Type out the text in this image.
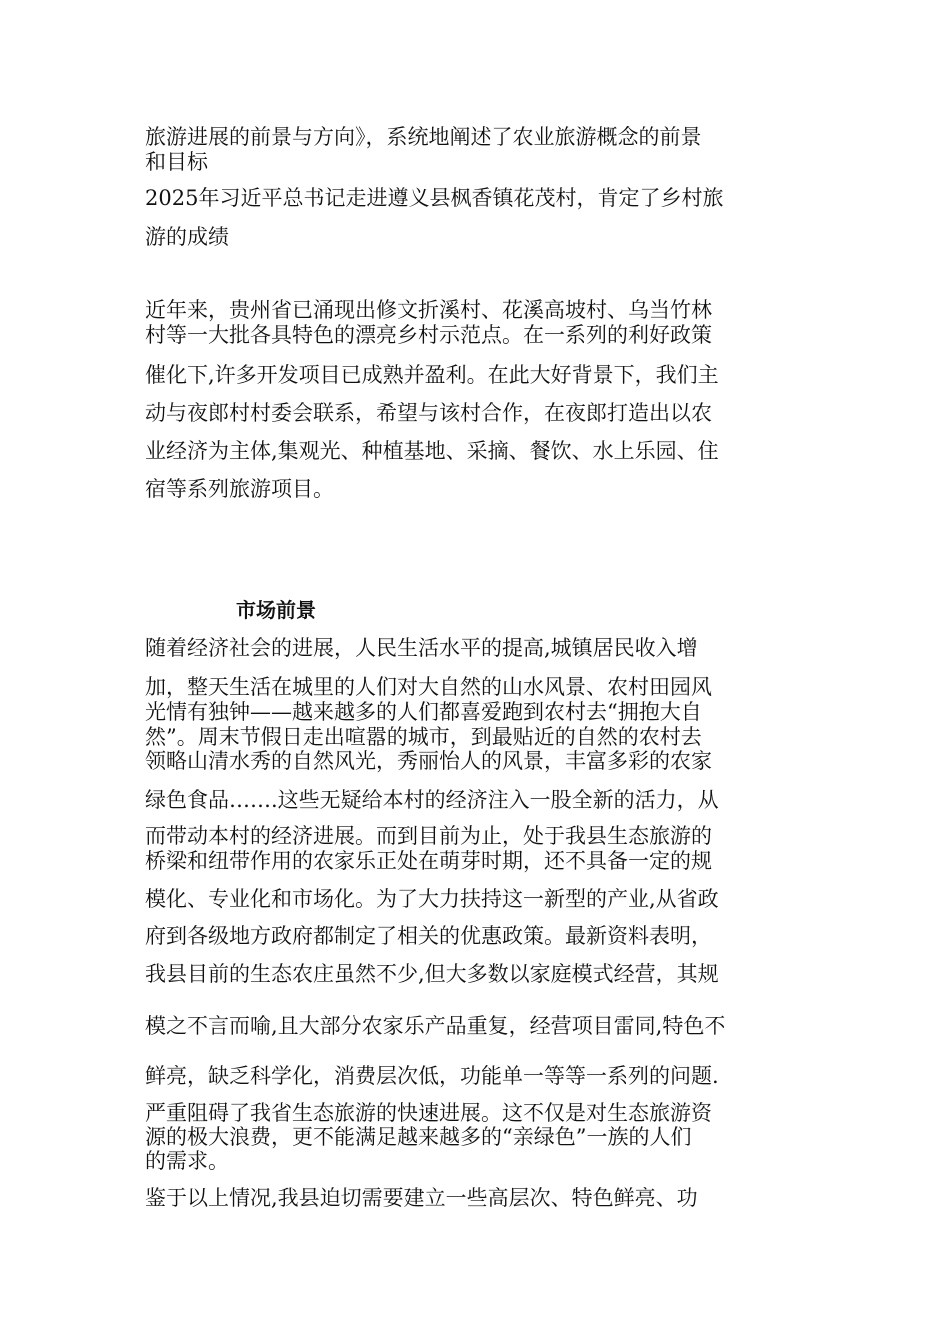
旅游进展的前景与方向》，系统地阐述了农业旅游概念的前景
和目标
2025年习近平总书记走进遵义县枫香镇花茂村，肯定了乡村旅
游的成绩
近年来，贵州省已涌现出修文折溪村、花溪高坡村、乌当竹林
村等一大批各具特色的漂亮乡村示范点。在一系列的利好政策
催化下,许多开发项目已成熟并盈利。在此大好背景下，我们主
动与夜郎村村委会联系，希望与该村合作，在夜郎打造出以农
业经济为主体,集观光、种植基地、采摘、餐饮、水上乐园、住
宿等系列旅游项目。
市场前景
随着经济社会的进展，人民生活水平的提高,城镇居民收入增
加，整天生活在城里的人们对大自然的山水风景、农村田园风
光情有独钟——越来越多的人们都喜爱跑到农村去“拥抱大自
然”。周末节假日走出喧嚣的城市，到最贴近的自然的农村去
领略山清水秀的自然风光，秀丽怡人的风景，丰富多彩的农家
绿色食品…….这些无疑给本村的经济注入一股全新的活力，从
而带动本村的经济进展。而到目前为止，处于我县生态旅游的
桥梁和纽带作用的农家乐正处在萌芽时期，还不具备一定的规
模化、专业化和市场化。为了大力扶持这一新型的产业,从省政
府到各级地方政府都制定了相关的优惠政策。最新资料表明，
我县目前的生态农庄虽然不少,但大多数以家庭模式经营，其规
模之不言而喻,且大部分农家乐产品重复，经营项目雷同,特色不
鲜亮，缺乏科学化，消费层次低，功能单一等等一系列的问题.
严重阻碍了我省生态旅游的快速进展。这不仅是对生态旅游资
源的极大浪费，更不能满足越来越多的“亲绿色”一族的人们
的需求。
鉴于以上情况,我县迫切需要建立一些高层次、特色鲜亮、功
